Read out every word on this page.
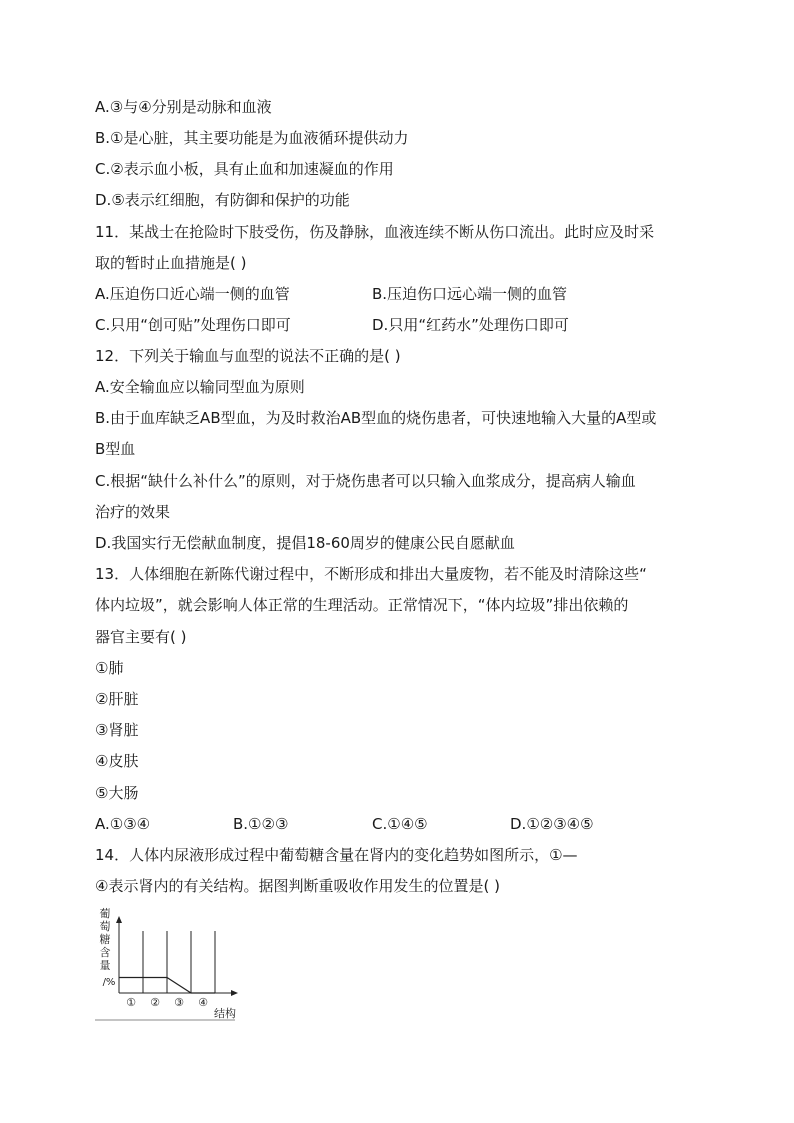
A.③与④分别是动脉和血液
B.①是心脏，其主要功能是为血液循环提供动力
C.②表示血小板，具有止血和加速凝血的作用
D.⑤表示红细胞，有防御和保护的功能
11．某战士在抢险时下肢受伤，伤及静脉，血液连续不断从伤口流出。此时应及时采
取的暂时止血措施是( )
A.压迫伤口近心端一侧的血管	B.压迫伤口远心端一侧的血管
C.只用“创可贴”处理伤口即可	D.只用“红药水”处理伤口即可
12．下列关于输血与血型的说法不正确的是( )
A.安全输血应以输同型血为原则
B.由于血库缺乏AB型血，为及时救治AB型血的烧伤患者，可快速地输入大量的A型或
B型血
C.根据“缺什么补什么”的原则，对于烧伤患者可以只输入血浆成分，提高病人输血
治疗的效果
D.我国实行无偿献血制度，提倡18-60周岁的健康公民自愿献血
13．人体细胞在新陈代谢过程中，不断形成和排出大量废物，若不能及时清除这些“
体内垃圾”，就会影响人体正常的生理活动。正常情况下，“体内垃圾”排出依赖的
器官主要有( )
①肺
②肝脏
③肾脏
④皮肤
⑤大肠
A.①③④	B.①②③	C.①④⑤	D.①②③④⑤
14．人体内尿液形成过程中葡萄糖含量在肾内的变化趋势如图所示，①—
④表示肾内的有关结构。据图判断重吸收作用发生的位置是( )
① ② ③ ④
结构
葡
萄
糖
含
量
/%
